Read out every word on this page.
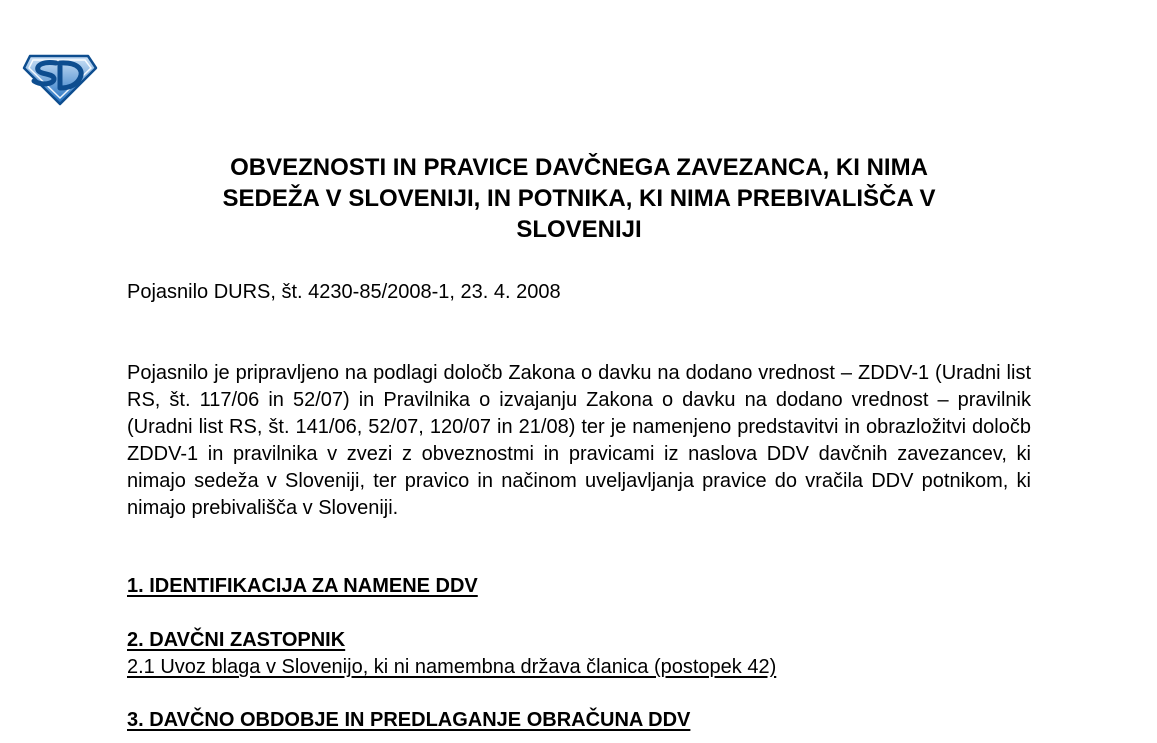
OBVEZNOSTI IN PRAVICE DAVČNEGA ZAVEZANCA, KI NIMA
SEDEŽA V SLOVENIJI, IN POTNIKA, KI NIMA PREBIVALIŠČA V
SLOVENIJI

Pojasnilo DURS, št. 4230-85/2008-1, 23. 4. 2008

Pojasnilo je pripravljeno na podlagi določb Zakona o davku na dodano vrednost – ZDDV-1 (Uradni list RS, št. 117/06 in 52/07) in Pravilnika o izvajanju Zakona o davku na dodano vrednost – pravilnik (Uradni list RS, št. 141/06, 52/07, 120/07 in 21/08) ter je namenjeno predstavitvi in obrazložitvi določb ZDDV-1 in pravilnika v zvezi z obveznostmi in pravicami iz naslova DDV davčnih zavezancev, ki nimajo sedeža v Sloveniji, ter pravico in načinom uveljavljanja pravice do vračila DDV potnikom, ki nimajo prebivališča v Sloveniji.

1. IDENTIFIKACIJA ZA NAMENE DDV

2. DAVČNI ZASTOPNIK

2.1 Uvoz blaga v Slovenijo, ki ni namembna država članica (postopek 42)

3. DAVČNO OBDOBJE IN PREDLAGANJE OBRAČUNA DDV
